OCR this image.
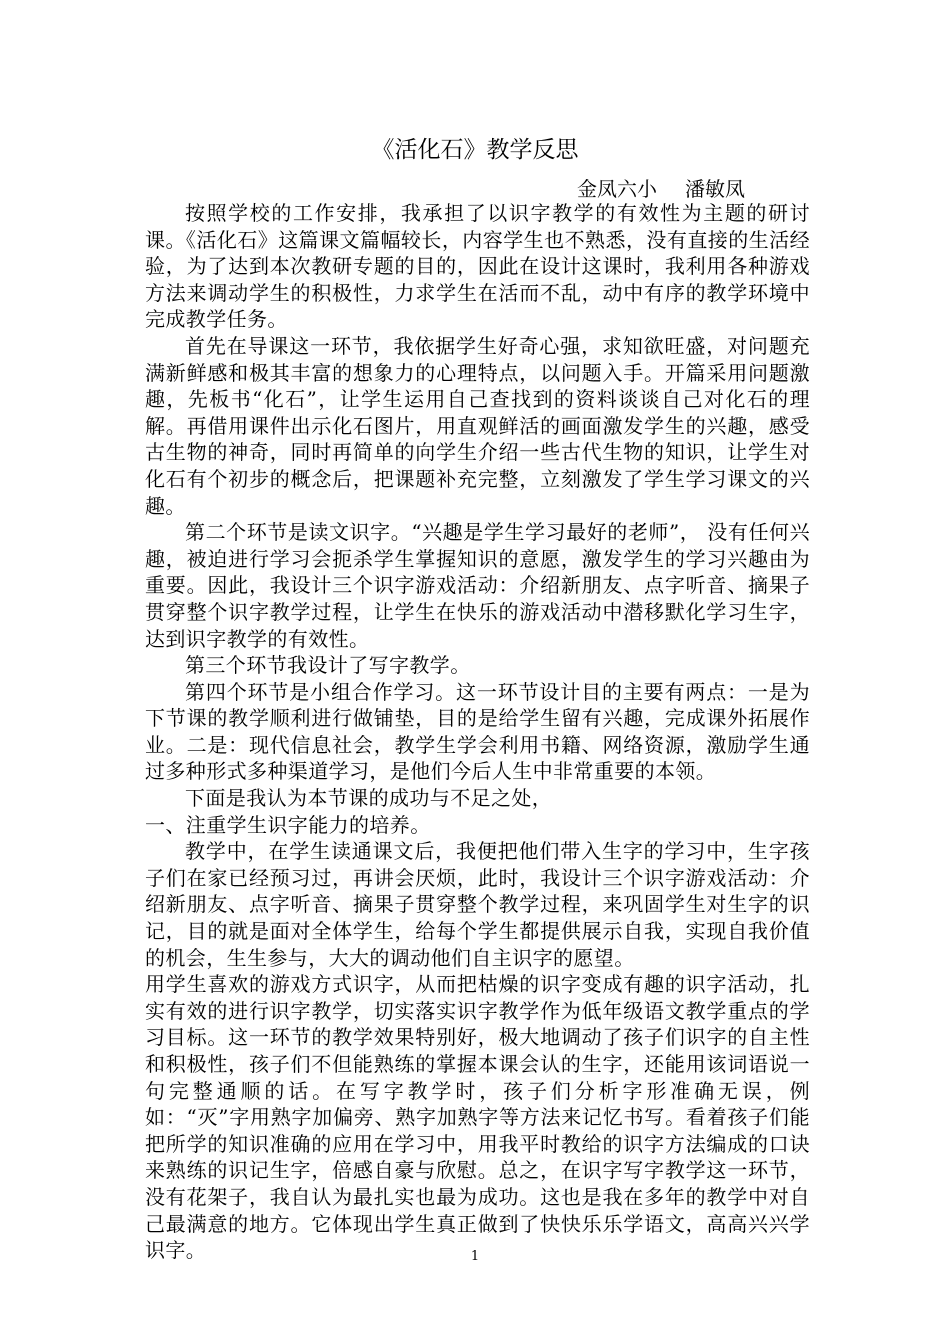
《活化石》教学反思
金凤六小 潘敏凤

按照学校的工作安排，我承担了以识字教学的有效性为主题的研讨课。《活化石》这篇课文篇幅较长，内容学生也不熟悉，没有直接的生活经验，为了达到本次教研专题的目的，因此在设计这课时，我利用各种游戏方法来调动学生的积极性，力求学生在活而不乱，动中有序的教学环境中完成教学任务。

首先在导课这一环节，我依据学生好奇心强，求知欲旺盛，对问题充满新鲜感和极其丰富的想象力的心理特点，以问题入手。开篇采用问题激趣，先板书“化石”，让学生运用自己查找到的资料谈谈自己对化石的理解。再借用课件出示化石图片，用直观鲜活的画面激发学生的兴趣，感受古生物的神奇，同时再简单的向学生介绍一些古代生物的知识，让学生对化石有个初步的概念后，把课题补充完整，立刻激发了学生学习课文的兴趣。

第二个环节是读文识字。“兴趣是学生学习最好的老师”， 没有任何兴趣，被迫进行学习会扼杀学生掌握知识的意愿，激发学生的学习兴趣由为重要。因此，我设计三个识字游戏活动：介绍新朋友、点字听音、摘果子贯穿整个识字教学过程，让学生在快乐的游戏活动中潜移默化学习生字，达到识字教学的有效性。

第三个环节我设计了写字教学。

第四个环节是小组合作学习。这一环节设计目的主要有两点：一是为下节课的教学顺利进行做铺垫，目的是给学生留有兴趣，完成课外拓展作业。二是：现代信息社会，教学生学会利用书籍、网络资源，激励学生通过多种形式多种渠道学习，是他们今后人生中非常重要的本领。

下面是我认为本节课的成功与不足之处，

一、注重学生识字能力的培养。

教学中，在学生读通课文后，我便把他们带入生字的学习中，生字孩子们在家已经预习过，再讲会厌烦，此时，我设计三个识字游戏活动：介绍新朋友、点字听音、摘果子贯穿整个教学过程，来巩固学生对生字的识记，目的就是面对全体学生，给每个学生都提供展示自我，实现自我价值的机会，生生参与，大大的调动他们自主识字的愿望。

用学生喜欢的游戏方式识字，从而把枯燥的识字变成有趣的识字活动，扎实有效的进行识字教学，切实落实识字教学作为低年级语文教学重点的学习目标。这一环节的教学效果特别好，极大地调动了孩子们识字的自主性和积极性，孩子们不但能熟练的掌握本课会认的生字，还能用该词语说一句完整通顺的话。在写字教学时，孩子们分析字形准确无误，例如：“灭”字用熟字加偏旁、熟字加熟字等方法来记忆书写。看着孩子们能把所学的知识准确的应用在学习中，用我平时教给的识字方法编成的口诀来熟练的识记生字，倍感自豪与欣慰。总之，在识字写字教学这一环节，没有花架子，我自认为最扎实也最为成功。这也是我在多年的教学中对自己最满意的地方。它体现出学生真正做到了快快乐乐学语文，高高兴兴学识字。	1
